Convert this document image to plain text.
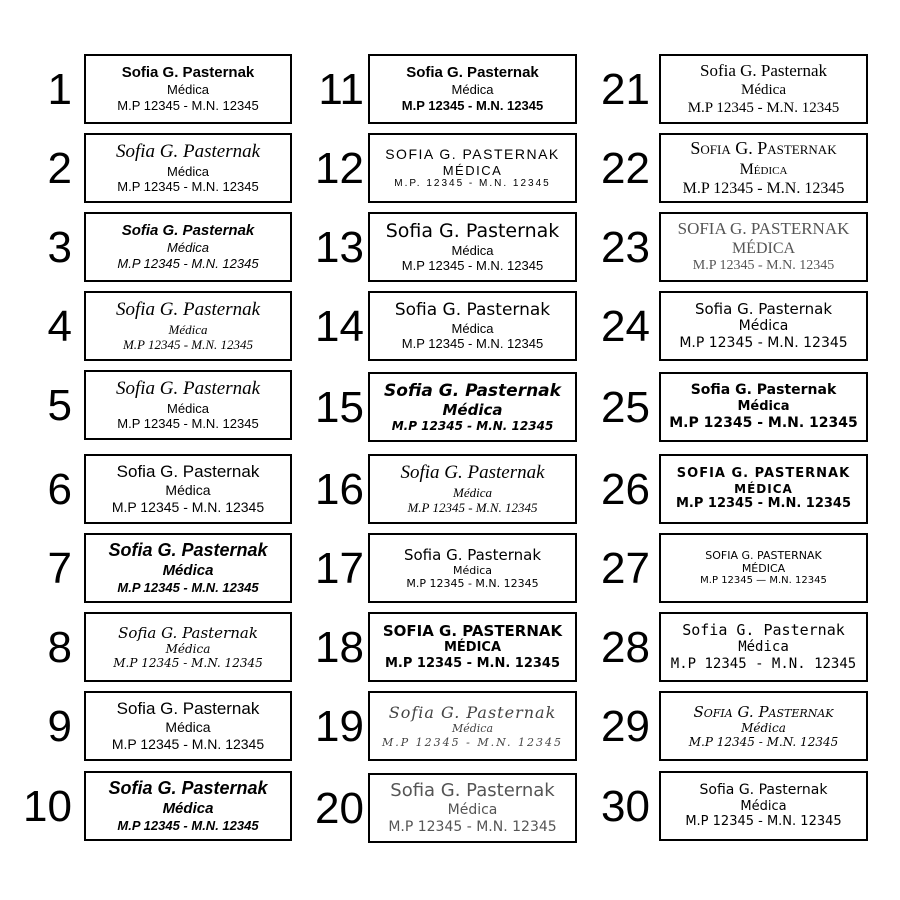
1	Sofia G. Pasternak
Médica
M.P 12345 - M.N. 12345
2 Sofia G. Pasternak
Médica
M.P 12345 - M.N. 12345
3	Sofia G. Pasternak
Médica
M.P 12345 - M.N. 12345
4 Sofia G. Pasternak
Médica
M.P 12345 - M.N. 12345
5 Sofia G. Pasternak
Médica
M.P 12345 - M.N. 12345
6	Sofia G. Pasternak
Médica
M.P 12345 - M.N. 12345
7 Sofia G. Pasternak
Médica
M.P 12345 - M.N. 12345
8	Sofia G. Pasternak
Médica
M.P 12345 - M.N. 12345
9	Sofia G. Pasternak
Médica
M.P 12345 - M.N. 12345
10 Sofia G. Pasternak
Médica
M.P 12345 - M.N. 12345
11	Sofia G. Pasternak
Médica
M.P 12345 - M.N. 12345
12 SOFIA G. PASTERNAK
MÉDICA
M.P. 12345 - M.N. 12345
13 Sofia G. Pasternak
Médica
M.P 12345 - M.N. 12345
14 Sofia G. Pasternak
Médica
M.P 12345 - M.N. 12345
15 Sofia G. Pasternak
Médica
M.P 12345 - M.N. 12345
16 Sofia G. Pasternak
Médica
M.P 12345 - M.N. 12345
17	Sofia G. Pasternak
Médica
M.P 12345 - M.N. 12345
18 SOFIA G. PASTERNAK
MÉDICA
M.P 12345 - M.N. 12345
19 Sofia G. Pasternak
Médica
M.P 12345 - M.N. 12345
20 Sofia G. Pasternak
Médica
M.P 12345 - M.N. 12345
21	Sofia G. Pasternak
Médica
M.P 12345 - M.N. 12345
22 Sofia G. Pasternak
Médica
M.P 12345 - M.N. 12345
23 SOFIA G. PASTERNAK
MÉDICA
M.P 12345 - M.N. 12345
24	Sofia G. Pasternak
Médica
M.P 12345 - M.N. 12345
25	Sofia G. Pasternak
Médica
M.P 12345 - M.N. 12345
26 SOFIA G. PASTERNAK
MÉDICA
M.P 12345 - M.N. 12345
27	SOFIA G. PASTERNAK
MÉDICA
M.P 12345 — M.N. 12345
28 Sofia G. Pasternak
Médica
M.P 12345 - M.N. 12345
29	Sofia G. Pasternak
Médica
M.P 12345 - M.N. 12345
30	Sofia G. Pasternak
Médica
M.P 12345 - M.N. 12345
